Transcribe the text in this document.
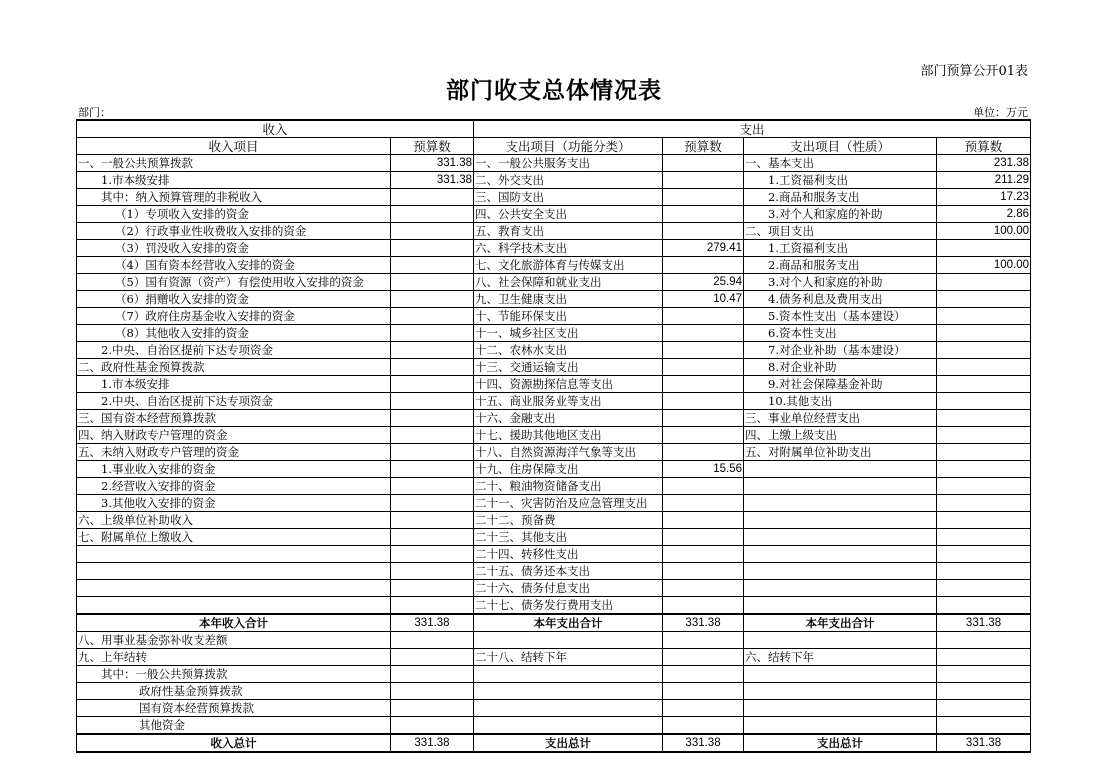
部门预算公开01表
部门收支总体情况表
部门：	单位：万元
收入		支出			
收入项目	预算数	支出项目（功能分类）	预算数	支出项目（性质）	预算数
一、一般公共预算拨款	331.38	一、一般公共服务支出		一、基本支出	231.38
1.市本级安排	331.38	二、外交支出		1.工资福利支出	211.29
其中：纳入预算管理的非税收入		三、国防支出		2.商品和服务支出	17.23
（1）专项收入安排的资金		四、公共安全支出		3.对个人和家庭的补助	2.86
（2）行政事业性收费收入安排的资金		五、教育支出		二、项目支出	100.00
（3）罚没收入安排的资金		六、科学技术支出	279.41	1.工资福利支出	
（4）国有资本经营收入安排的资金		七、文化旅游体育与传媒支出		2.商品和服务支出	100.00
（5）国有资源（资产）有偿使用收入安排的资金		八、社会保障和就业支出	25.94	3.对个人和家庭的补助	
（6）捐赠收入安排的资金		九、卫生健康支出	10.47	4.债务利息及费用支出	
（7）政府住房基金收入安排的资金		十、节能环保支出		5.资本性支出（基本建设）	
（8）其他收入安排的资金		十一、城乡社区支出		6.资本性支出	
2.中央、自治区提前下达专项资金		十二、农林水支出		7.对企业补助（基本建设）	
二、政府性基金预算拨款		十三、交通运输支出		8.对企业补助	
1.市本级安排		十四、资源勘探信息等支出		9.对社会保障基金补助	
2.中央、自治区提前下达专项资金		十五、商业服务业等支出		10.其他支出	
三、国有资本经营预算拨款		十六、金融支出		三、事业单位经营支出	
四、纳入财政专户管理的资金		十七、援助其他地区支出		四、上缴上级支出	
五、未纳入财政专户管理的资金		十八、自然资源海洋气象等支出		五、对附属单位补助支出	
1.事业收入安排的资金		十九、住房保障支出	15.56		
2.经营收入安排的资金		二十、粮油物资储备支出			
3.其他收入安排的资金		二十一、灾害防治及应急管理支出			
六、上级单位补助收入		二十二、预备费			
七、附属单位上缴收入		二十三、其他支出			
		二十四、转移性支出			
		二十五、债务还本支出			
		二十六、债务付息支出			
		二十七、债务发行费用支出			
本年收入合计	331.38	本年支出合计	331.38	本年支出合计	331.38
八、用事业基金弥补收支差额					
九、上年结转		二十八、结转下年		六、结转下年	
其中：一般公共预算拨款					
政府性基金预算拨款					
国有资本经营预算拨款					
其他资金					
收入总计	331.38	支出总计	331.38	支出总计	331.38
